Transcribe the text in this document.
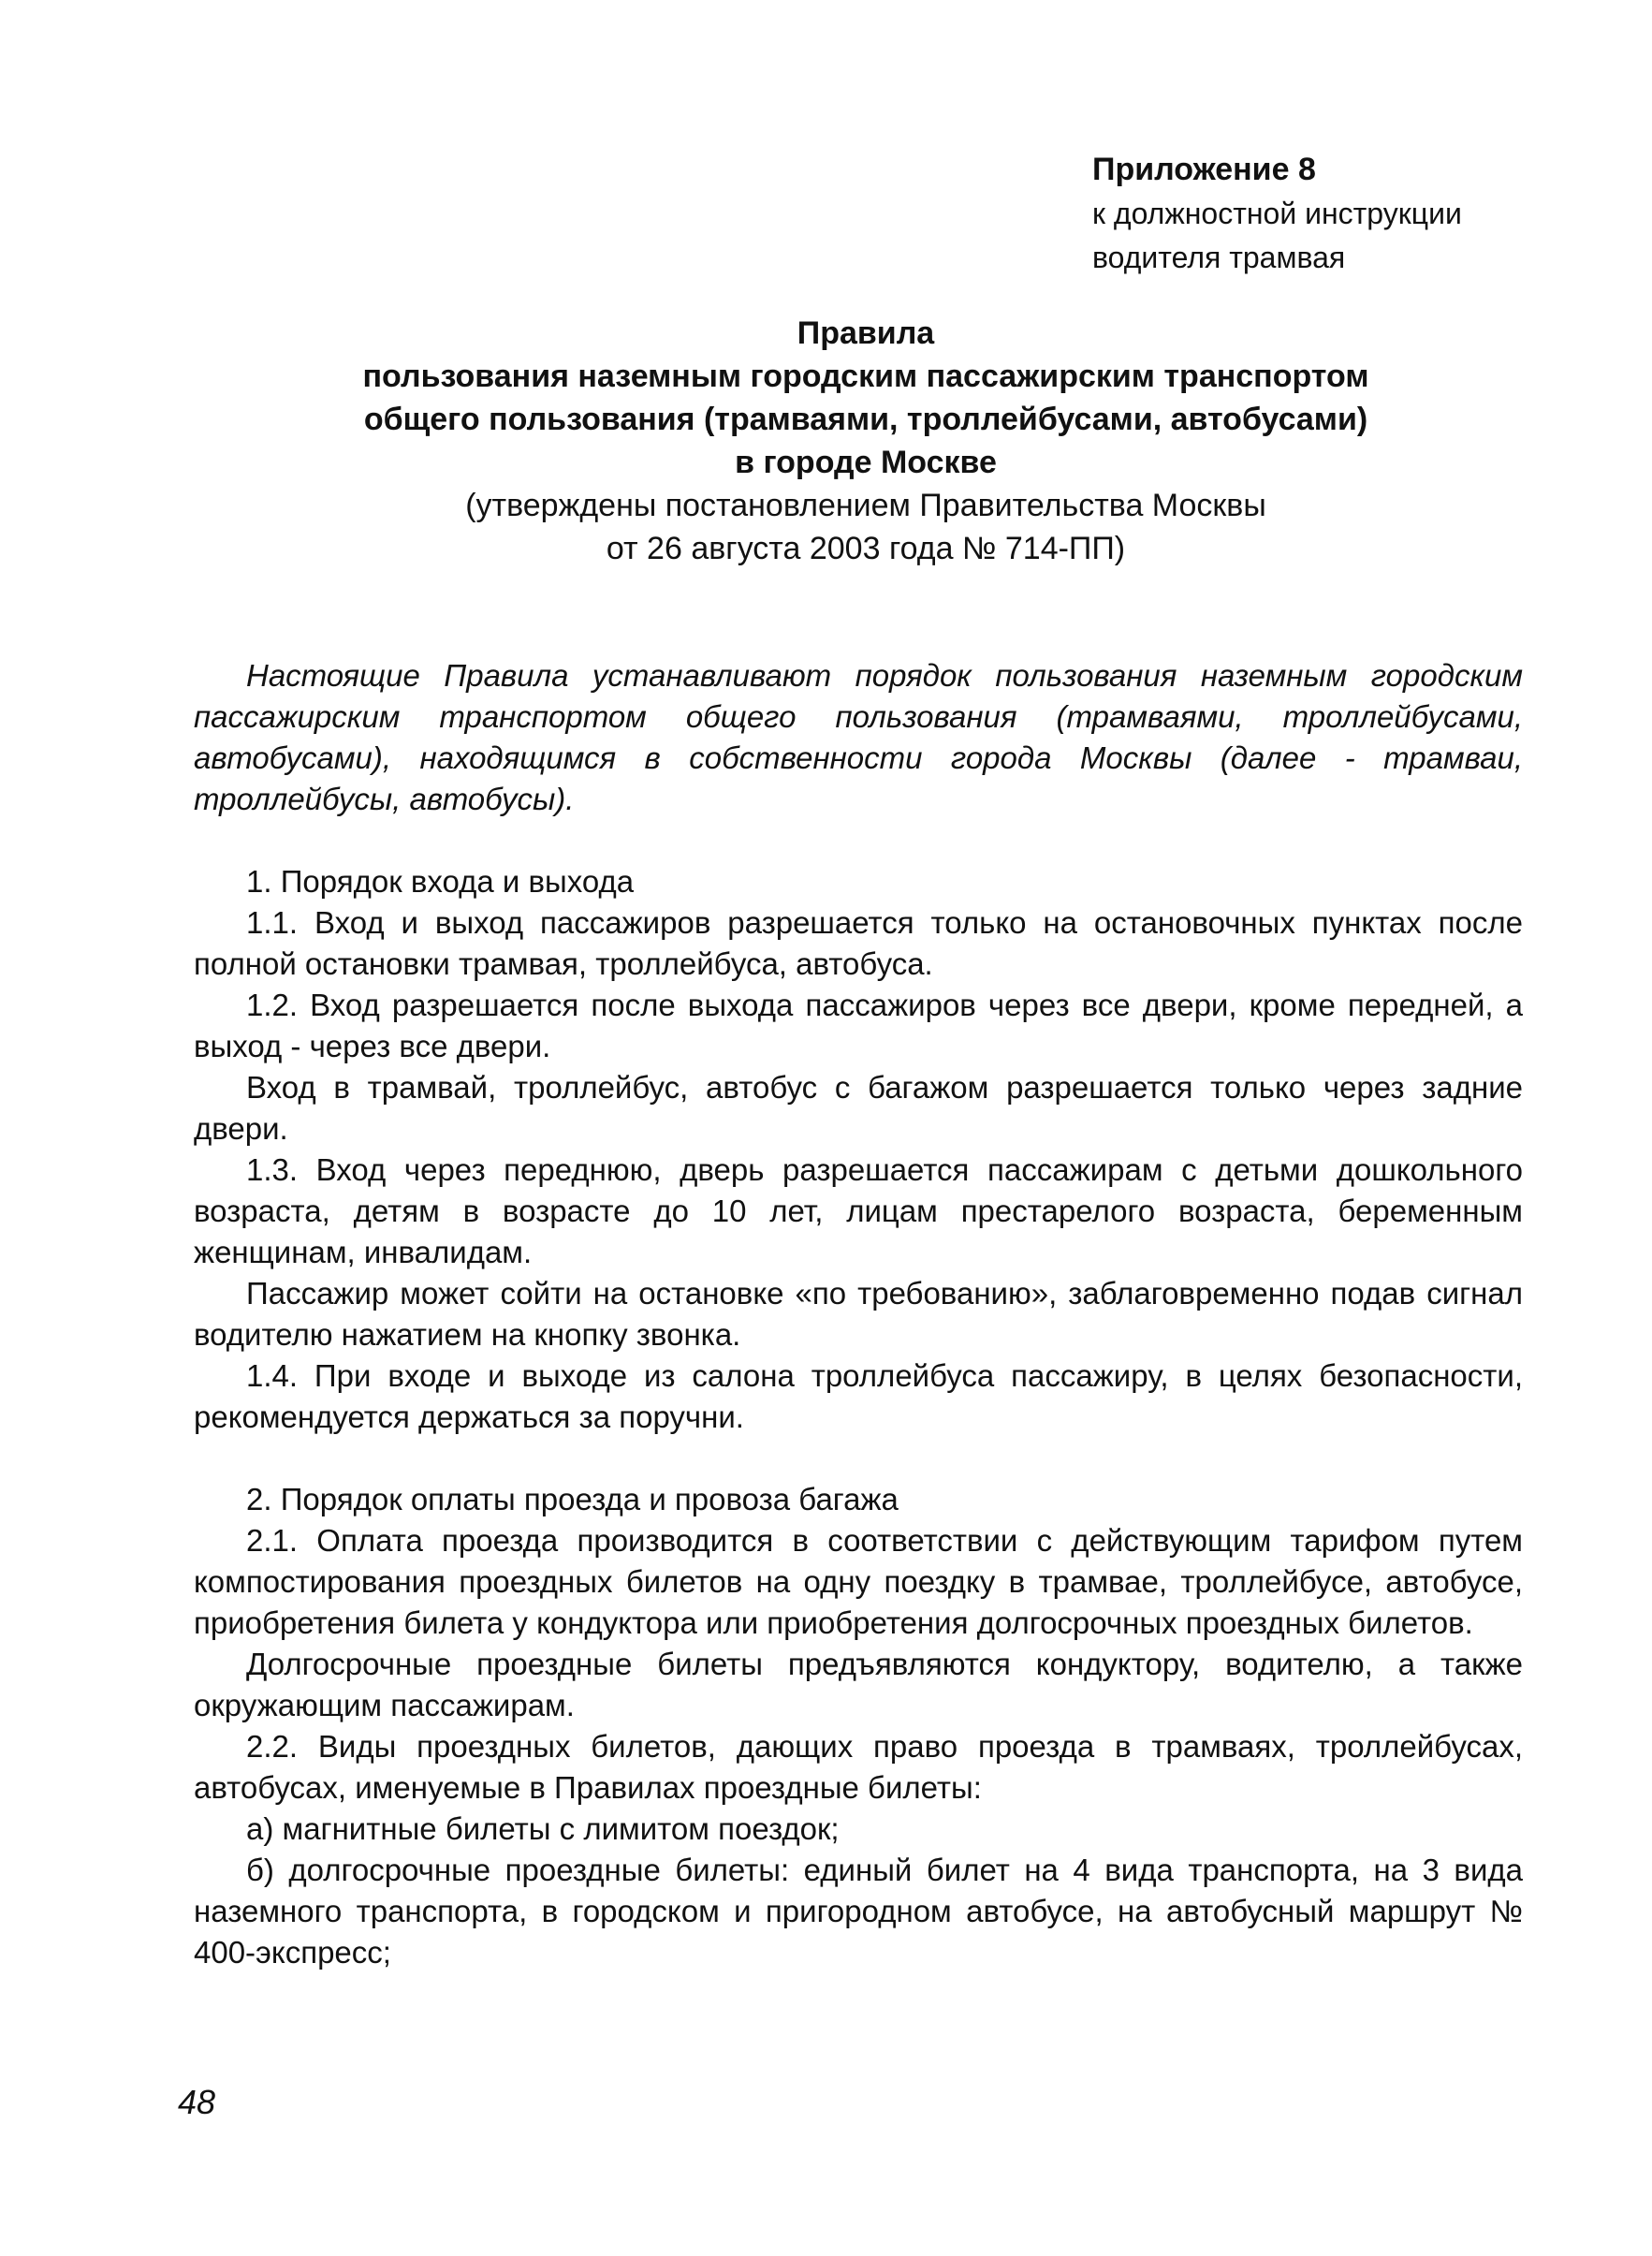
Приложение 8
к должностной инструкции
водителя трамвая
Правила
пользования наземным городским пассажирским транспортом
общего пользования (трамваями, троллейбусами, автобусами)
в городе Москве
(утверждены постановлением Правительства Москвы
от 26 августа 2003 года № 714-ПП)

Настоящие Правила устанавливают порядок пользования наземным городским пассажирским транспортом общего пользования (трамваями, троллейбусами, автобусами), находящимся в собственности города Москвы (далее - трамваи, троллейбусы, автобусы).

1. Порядок входа и выхода

1.1. Вход и выход пассажиров разрешается только на остановочных пунктах после полной остановки трамвая, троллейбуса, автобуса.

1.2. Вход разрешается после выхода пассажиров через все двери, кроме передней, а выход - через все двери.

Вход в трамвай, троллейбус, автобус с багажом разрешается только через задние двери.

1.3. Вход через переднюю, дверь разрешается пассажирам с детьми дошкольного возраста, детям в возрасте до 10 лет, лицам престарелого возраста, беременным женщинам, инвалидам.

Пассажир может сойти на остановке «по требованию», заблаговременно подав сигнал водителю нажатием на кнопку звонка.

1.4. При входе и выходе из салона троллейбуса пассажиру, в целях безопасности, рекомендуется держаться за поручни.

2. Порядок оплаты проезда и провоза багажа

2.1. Оплата проезда производится в соответствии с действующим тарифом путем компостирования проездных билетов на одну поездку в трамвае, троллейбусе, автобусе, приобретения билета у кондуктора или приобретения долгосрочных проездных билетов.

Долгосрочные проездные билеты предъявляются кондуктору, водителю, а также окружающим пассажирам.

2.2. Виды проездных билетов, дающих право проезда в трамваях, троллейбусах, автобусах, именуемые в Правилах проездные билеты:

а) магнитные билеты с лимитом поездок;

б) долгосрочные проездные билеты: единый билет на 4 вида транспорта, на 3 вида наземного транспорта, в городском и пригородном автобусе, на автобусный маршрут № 400-экспресс;

48
